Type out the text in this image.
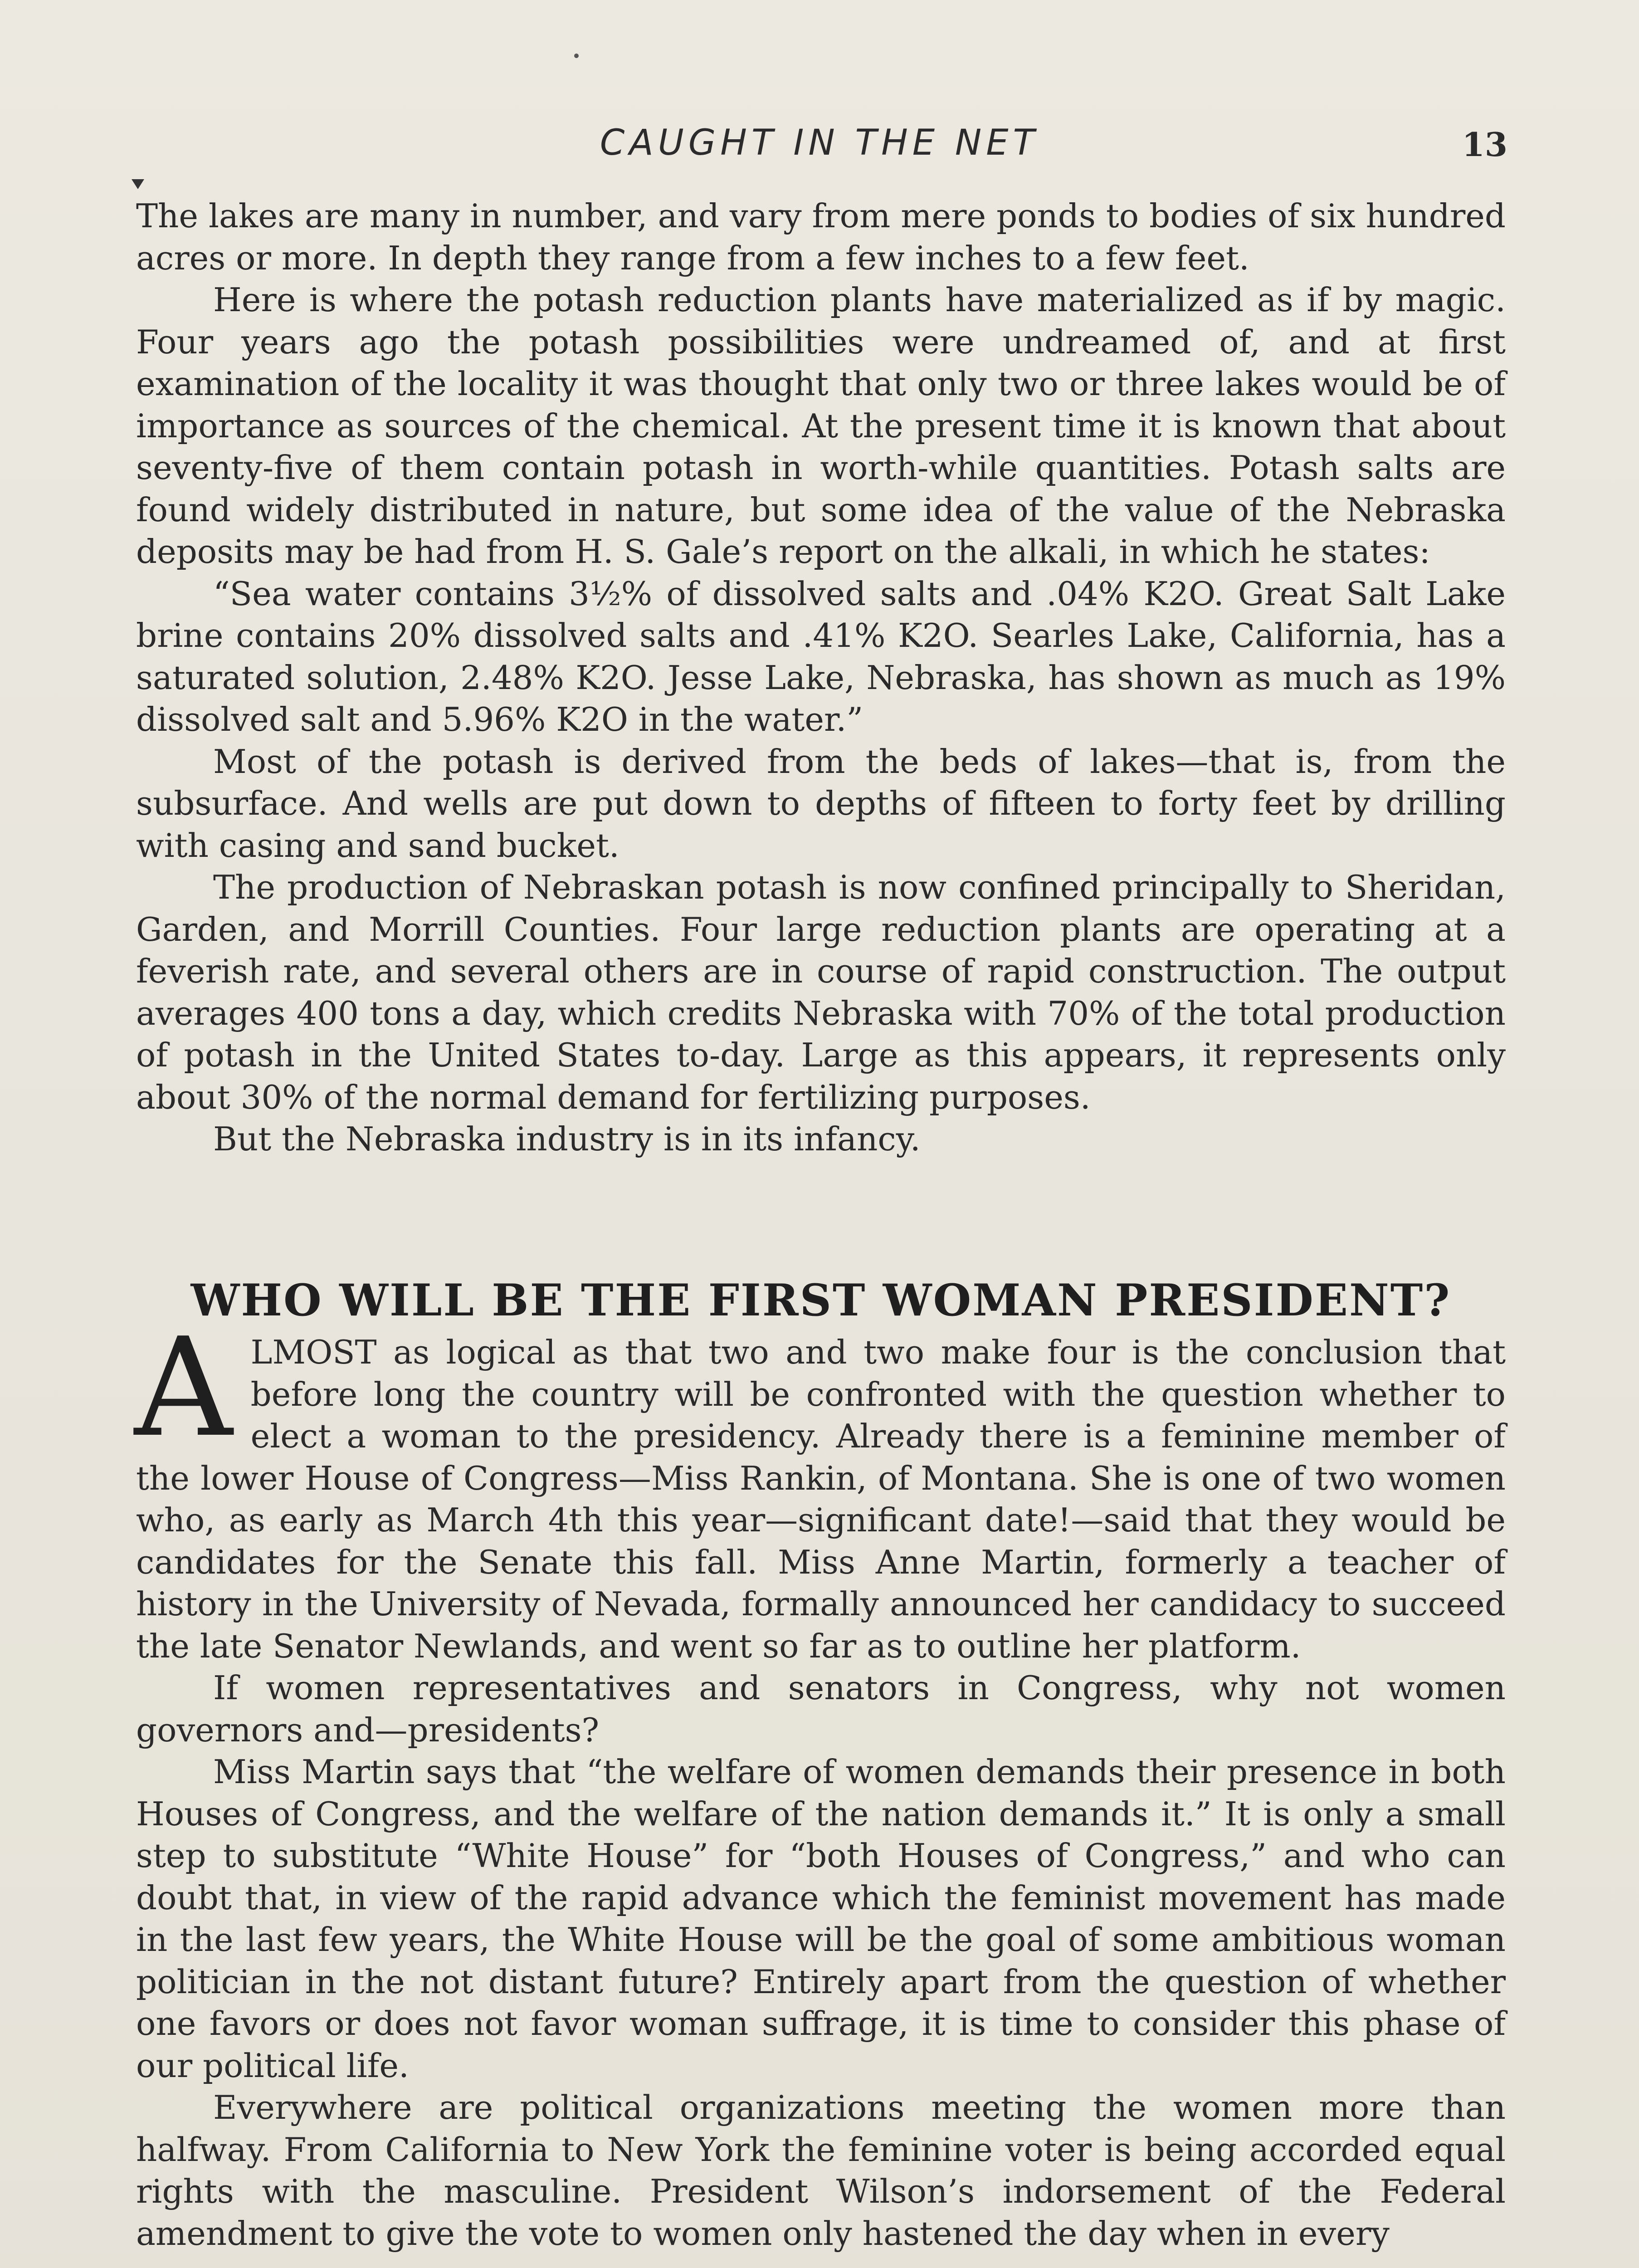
CAUGHT IN THE NET	13

The lakes are many in number, and vary from mere ponds to bodies of six hundred acres or more. In depth they range from a few inches to a few feet.

Here is where the potash reduction plants have materialized as if by magic. Four years ago the potash possibilities were undreamed of, and at first examination of the locality it was thought that only two or three lakes would be of importance as sources of the chemical. At the present time it is known that about seventy-five of them contain potash in worth-while quantities. Potash salts are found widely distributed in nature, but some idea of the value of the Nebraska deposits may be had from H. S. Gale’s report on the alkali, in which he states:

“Sea water contains 3½% of dissolved salts and .04% K2O. Great Salt Lake brine contains 20% dissolved salts and .41% K2O. Searles Lake, California, has a saturated solution, 2.48% K2O. Jesse Lake, Nebraska, has shown as much as 19% dissolved salt and 5.96% K2O in the water.”

Most of the potash is derived from the beds of lakes—that is, from the subsurface. And wells are put down to depths of fifteen to forty feet by drilling with casing and sand bucket.

The production of Nebraskan potash is now confined principally to Sheridan, Garden, and Morrill Counties. Four large reduction plants are operating at a feverish rate, and several others are in course of rapid construction. The output averages 400 tons a day, which credits Nebraska with 70% of the total production of potash in the United States to-day. Large as this appears, it represents only about 30% of the normal demand for fertilizing purposes.

But the Nebraska industry is in its infancy.

WHO WILL BE THE FIRST WOMAN PRESIDENT?

ALMOST as logical as that two and two make four is the conclusion that before long the country will be confronted with the question whether to elect a woman to the presidency. Already there is a feminine member of the lower House of Congress—Miss Rankin, of Montana. She is one of two women who, as early as March 4th this year—significant date!—said that they would be candidates for the Senate this fall. Miss Anne Martin, formerly a teacher of history in the University of Nevada, formally announced her candidacy to succeed the late Senator Newlands, and went so far as to outline her platform.

If women representatives and senators in Congress, why not women governors and—presidents?

Miss Martin says that “the welfare of women demands their presence in both Houses of Congress, and the welfare of the nation demands it.” It is only a small step to substitute “White House” for “both Houses of Congress,” and who can doubt that, in view of the rapid advance which the feminist movement has made in the last few years, the White House will be the goal of some ambitious woman politician in the not distant future? Entirely apart from the question of whether one favors or does not favor woman suffrage, it is time to consider this phase of our political life.

Everywhere are political organizations meeting the women more than halfway. From California to New York the feminine voter is being accorded equal rights with the masculine. President Wilson’s indorsement of the Federal amendment to give the vote to women only hastened the day when in every
